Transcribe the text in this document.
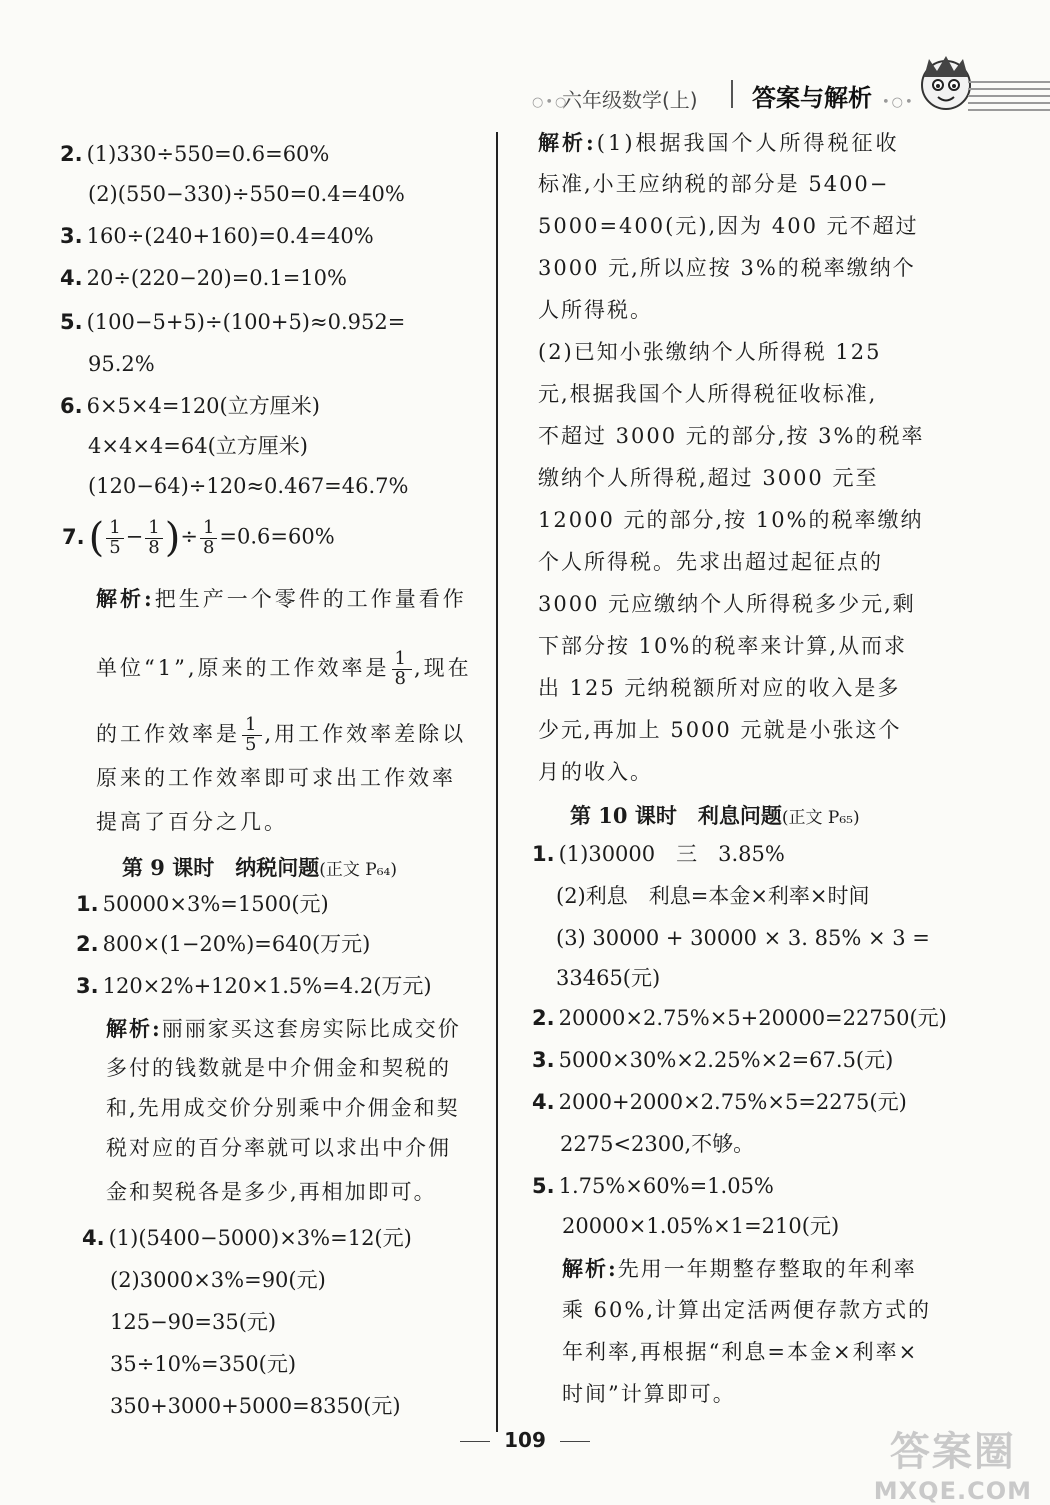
○•○
六年级数学(上) 答案与解析 •○•
2. (1)330÷550=0.6=60%
(2)(550−330)÷550=0.4=40%
3. 160÷(240+160)=0.4=40%
4. 20÷(220−20)=0.1=10%
5. (100−5+5)÷(100+5)≈0.952=
95.2%
6. 6×5×4=120(立方厘米)
4×4×4=64(立方厘米)
(120−64)÷120≈0.467=46.7%
7. ( $\frac{1}{5} - \frac{1}{8}$ )÷ $\frac{1}{8} =0.6=60\%$
解析:把生产一个零件的工作量看作
单位“1”,原来的工作效率是 $\frac{1}{8}$ ,现在
的工作效率是 $\frac{1}{5}$ ,用工作效率差除以
原来的工作效率即可求出工作效率
提高了百分之几。
第 9 课时　纳税问题(正文 P₆₄)
1. 50000×3%=1500(元)
2. 800×(1−20%)=640(万元)
3. 120×2%+120×1.5%=4.2(万元)
解析:丽丽家买这套房实际比成交价
多付的钱数就是中介佣金和契税的
和,先用成交价分别乘中介佣金和契
税对应的百分率就可以求出中介佣
金和契税各是多少,再相加即可。
4. (1)(5400−5000)×3%=12(元)
(2)3000×3%=90(元)
125−90=35(元)
35÷10%=350(元)
350+3000+5000=8350(元)
解析:(1)根据我国个人所得税征收
标准,小王应纳税的部分是 5400−
5000=400(元),因为 400 元不超过
3000 元,所以应按 3%的税率缴纳个
人所得税。
(2)已知小张缴纳个人所得税 125
元,根据我国个人所得税征收标准,
不超过 3000 元的部分,按 3%的税率
缴纳个人所得税,超过 3000 元至
12000 元的部分,按 10%的税率缴纳
个人所得税。先求出超过起征点的
3000 元应缴纳个人所得税多少元,剩
下部分按 10%的税率来计算,从而求
出 125 元纳税额所对应的收入是多
少元,再加上 5000 元就是小张这个
月的收入。
第 10 课时　利息问题(正文 P₆₅)
1. (1)30000　三　3.85%
(2)利息　利息=本金×利率×时间
(3) 30000 + 30000 × 3. 85% × 3 =
33465(元)
2. 20000×2.75%×5+20000=22750(元)
3. 5000×30%×2.25%×2=67.5(元)
4. 2000+2000×2.75%×5=2275(元)
2275<2300,不够。
5. 1.75%×60%=1.05%
20000×1.05%×1=210(元)
解析:先用一年期整存整取的年利率
乘 60%,计算出定活两便存款方式的
年利率,再根据“利息=本金×利率×
时间”计算即可。
109	答案圈
MXQE.COM
